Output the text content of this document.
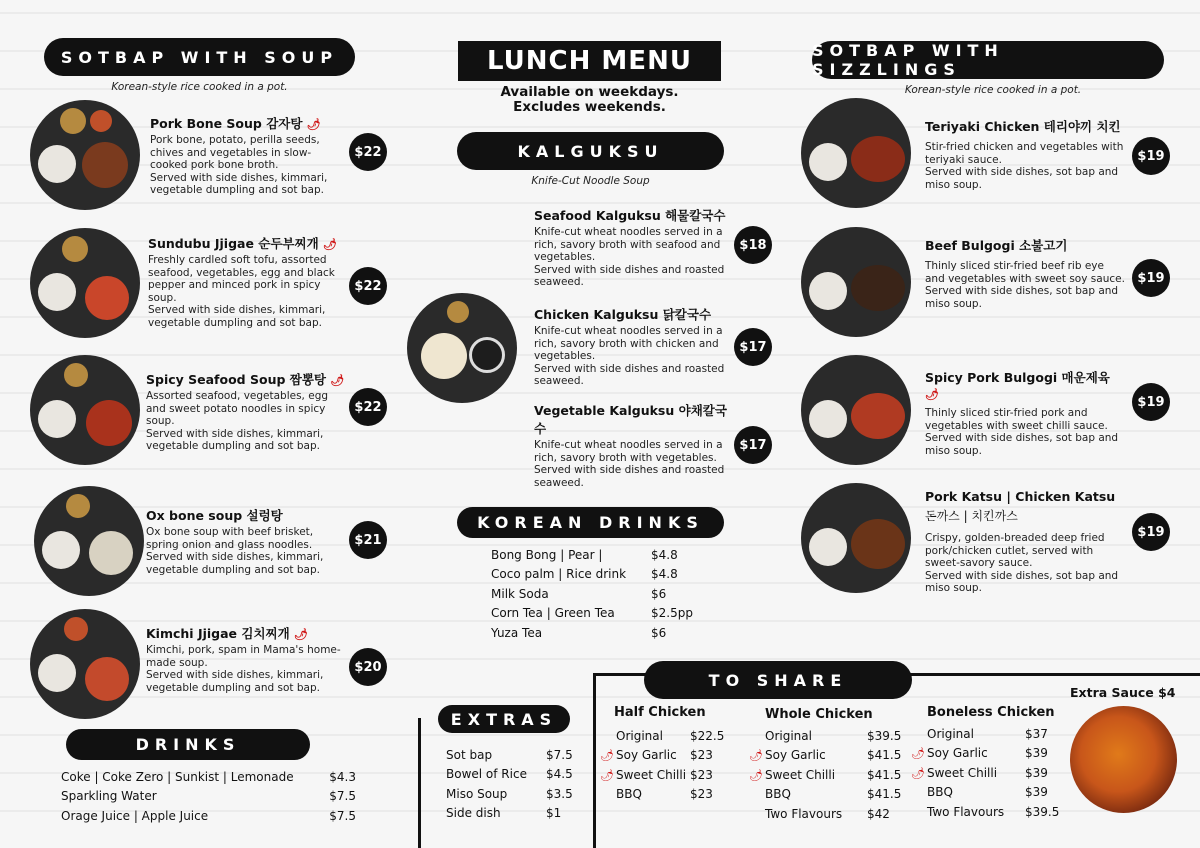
LUNCH MENU
Available on weekdays.
Excludes weekends.
SOTBAP WITH SOUP
Korean-style rice cooked in a pot.
Pork Bone Soup 감자탕 🌶
Pork bone, potato, perilla seeds, chives and vegetables in slow-cooked pork bone broth.
Served with side dishes, kimmari, vegetable dumpling and sot bap.
$22
Sundubu Jjigae 순두부찌개 🌶
Freshly cardled soft tofu, assorted seafood, vegetables, egg and black pepper and minced pork in spicy soup.
Served with side dishes, kimmari, vegetable dumpling and sot bap.
$22
Spicy Seafood Soup 짬뽕탕 🌶
Assorted seafood, vegetables, egg and sweet potato noodles in spicy soup.
Served with side dishes, kimmari, vegetable dumpling and sot bap.
$22
Ox bone soup 설렁탕
Ox bone soup with beef brisket, spring onion and glass noodles.
Served with side dishes, kimmari, vegetable dumpling and sot bap.
$21
Kimchi Jjigae 김치찌개 🌶
Kimchi, pork, spam in Mama's home-made soup.
Served with side dishes, kimmari, vegetable dumpling and sot bap.
$20
DRINKS
Coke | Coke Zero | Sunkist | Lemonade	$4.3
Sparkling Water	$7.5
Orage Juice | Apple Juice	$7.5
KALGUKSU
Knife-Cut Noodle Soup
Seafood Kalguksu 해물칼국수
Knife-cut wheat noodles served in a rich, savory broth with seafood and vegetables.
Served with side dishes and roasted seaweed.
$18
Chicken Kalguksu 닭칼국수
Knife-cut wheat noodles served in a rich, savory broth with chicken and vegetables.
Served with side dishes and roasted seaweed.
$17
Vegetable Kalguksu 야채칼국수
Knife-cut wheat noodles served in a rich, savory broth with vegetables.
Served with side dishes and roasted seaweed.
$17
KOREAN DRINKS
Bong Bong | Pear |	$4.8
Coco palm | Rice drink	$4.8
Milk Soda	$6
Corn Tea | Green Tea	$2.5pp
Yuza Tea	$6
EXTRAS
Sot bap	$7.5
Bowel of Rice	$4.5
Miso Soup	$3.5
Side dish	$1
SOTBAP WITH SIZZLINGS
Korean-style rice cooked in a pot.
Teriyaki Chicken 테리야끼 치킨
Stir-fried chicken and vegetables with teriyaki sauce.
Served with side dishes, sot bap and miso soup.
$19
Beef Bulgogi 소불고기
Thinly sliced stir-fried beef rib eye and vegetables with sweet soy sauce.
Served with side dishes, sot bap and miso soup.
$19
Spicy Pork Bulgogi 매운제육 🌶
Thinly sliced stir-fried pork and vegetables with sweet chilli sauce.
Served with side dishes, sot bap and miso soup.
$19
Pork Katsu | Chicken Katsu
돈까스 | 치킨까스
Crispy, golden-breaded deep fried pork/chicken cutlet, served with sweet-savory sauce.
Served with side dishes, sot bap and miso soup.
$19
TO SHARE
Extra Sauce $4
Half Chicken
	Original	$22.5
🌶	Soy Garlic	$23
🌶	Sweet Chilli	$23
	BBQ	$23
Whole Chicken
	Original	$39.5
🌶	Soy Garlic	$41.5
🌶	Sweet Chilli	$41.5
	BBQ	$41.5
	Two Flavours	$42
Boneless Chicken
	Original	$37
🌶	Soy Garlic	$39
🌶	Sweet Chilli	$39
	BBQ	$39
	Two Flavours	$39.5
